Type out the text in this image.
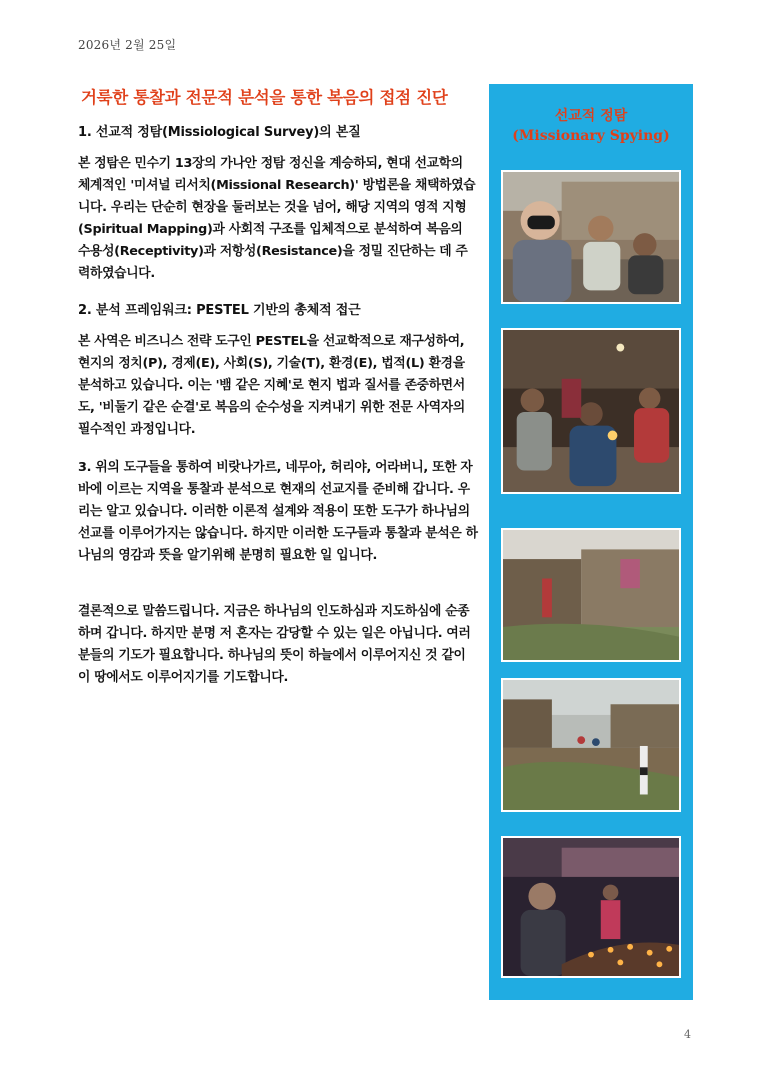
2026년 2월 25일
거룩한 통찰과 전문적 분석을 통한 복음의 접점 진단
1. 선교적 정탐(Missiological Survey)의 본질

본 정탐은 민수기 13장의 가나안 정탐 정신을 계승하되, 현대 선교학의 체계적인 '미셔널 리서치(Missional Research)' 방법론을 채택하였습니다. 우리는 단순히 현장을 둘러보는 것을 넘어, 해당 지역의 영적 지형(Spiritual Mapping)과 사회적 구조를 입체적으로 분석하여 복음의 수용성(Receptivity)과 저항성(Resistance)을 정밀 진단하는 데 주력하였습니다.

2. 분석 프레임워크: PESTEL 기반의 총체적 접근

본 사역은 비즈니스 전략 도구인 PESTEL을 선교학적으로 재구성하여, 현지의 정치(P), 경제(E), 사회(S), 기술(T), 환경(E), 법적(L) 환경을 분석하고 있습니다. 이는 '뱀 같은 지혜'로 현지 법과 질서를 존중하면서도, '비둘기 같은 순결'로 복음의 순수성을 지켜내기 위한 전문 사역자의 필수적인 과정입니다.

3. 위의 도구들을 통하여 비랏나가르, 네무아, 허리야, 어라버니, 또한 자바에 이르는 지역을 통찰과 분석으로 현재의 선교지를 준비해 갑니다. 우리는 알고 있습니다. 이러한 이론적 설계와 적용이 또한 도구가 하나님의 선교를 이루어가지는 않습니다. 하지만 이러한 도구들과 통찰과 분석은 하나님의 영감과 뜻을 알기위해 분명히 필요한 일 입니다.

결론적으로 말씀드립니다. 지금은 하나님의 인도하심과 지도하심에 순종하며 갑니다. 하지만 분명 저 혼자는 감당할 수 있는 일은 아닙니다. 여러분들의 기도가 필요합니다. 하나님의 뜻이 하늘에서 이루어지신 것 같이 이 땅에서도 이루어지기를 기도합니다.

선교적 정탐
(Missionary Spying)
4
